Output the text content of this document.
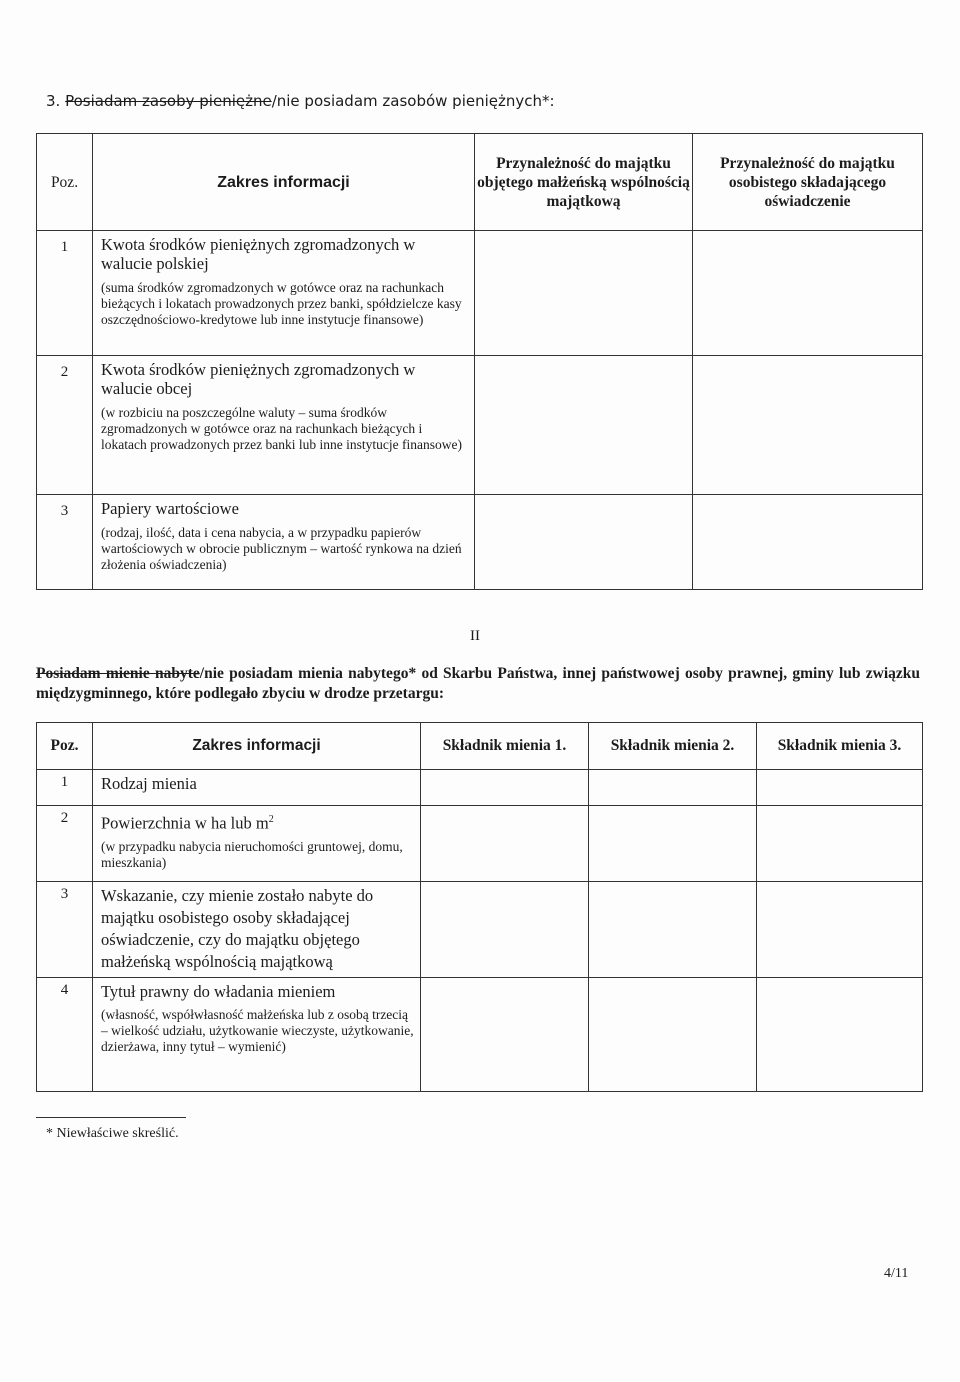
3. Posiadam zasoby pieniężne/nie posiadam zasobów pieniężnych*:
Poz.	Zakres informacji	Przynależność do majątku objętego małżeńską wspólnością majątkową	Przynależność do majątku osobistego składającego oświadczenie
1	Kwota środków pieniężnych zgromadzonych w walucie polskiej
(suma środków zgromadzonych w gotówce oraz na rachunkach bieżących i lokatach prowadzonych przez banki, spółdzielcze kasy oszczędnościowo-kredytowe lub inne instytucje finansowe)		

2	Kwota środków pieniężnych zgromadzonych w walucie obcej
(w rozbiciu na poszczególne waluty – suma środków zgromadzonych w gotówce oraz na rachunkach bieżących i lokatach prowadzonych przez banki lub inne instytucje finansowe)		

3	Papiery wartościowe
(rodzaj, ilość, data i cena nabycia, a w przypadku papierów wartościowych w obrocie publicznym – wartość rynkowa na dzień złożenia oświadczenia)		

II
Posiadam mienie nabyte/nie posiadam mienia nabytego* od Skarbu Państwa, innej państwowej osoby prawnej, gminy lub związku międzygminnego, które podlegało zbyciu w drodze przetargu:
Poz.	Zakres informacji	Składnik mienia 1.	Składnik mienia 2.	Składnik mienia 3.
1	Rodzaj mienia			

2	Powierzchnia w ha lub $m^2$
(w przypadku nabycia nieruchomości gruntowej, domu, mieszkania)			

3	Wskazanie, czy mienie zostało nabyte do majątku osobistego osoby składającej oświadczenie, czy do majątku objętego małżeńską wspólnością majątkową			

4	Tytuł prawny do władania mieniem
(własność, współwłasność małżeńska lub z osobą trzecią – wielkość udziału, użytkowanie wieczyste, użytkowanie, dzierżawa, inny tytuł – wymienić)			

* Niewłaściwe skreślić.
4/11
